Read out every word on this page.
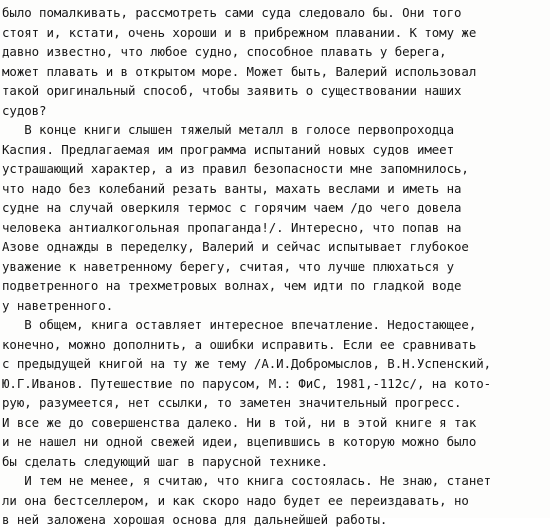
было помалкивать, рассмотреть сами суда следовало бы. Они того
стоят и, кстати, очень хороши и в прибрежном плавании. К тому же
давно известно, что любое судно, способное плавать у берега,
может плавать и в открытом море. Может быть, Валерий использовал
такой оригинальный способ, чтобы заявить о существовании наших
судов?
В конце книги слышен тяжелый металл в голосе первопроходца
Каспия. Предлагаемая им программа испытаний новых судов имеет
устрашающий характер, а из правил безопасности мне запомнилось,
что надо без колебаний резать ванты, махать веслами и иметь на
судне на случай оверкиля термос с горячим чаем /до чего довела
человека антиалкогольная пропаганда!/. Интересно, что попав на
Азове однажды в переделку, Валерий и сейчас испытывает глубокое
уважение к наветренному берегу, считая, что лучше плюхаться у
подветренного на трехметровых волнах, чем идти по гладкой воде
у наветренного.
В общем, книга оставляет интересное впечатление. Недостающее,
конечно, можно дополнить, а ошибки исправить. Если ее сравнивать
с предыдущей книгой на ту же тему /А.И.Добромыслов, В.Н.Успенский,
Ю.Г.Иванов. Путешествие по парусом, М.: ФиС, 1981,-112с/, на кото-
рую, разумеется, нет ссылки, то заметен значительный прогресс.
И все же до совершенства далеко. Ни в той, ни в этой книге я так
и не нашел ни одной свежей идеи, вцепившись в которую можно было
бы сделать следующий шаг в парусной технике.
И тем не менее, я считаю, что книга состоялась. Не знаю, станет
ли она бестселлером, и как скоро надо будет ее переиздавать, но
в ней заложена хорошая основа для дальнейшей работы.
